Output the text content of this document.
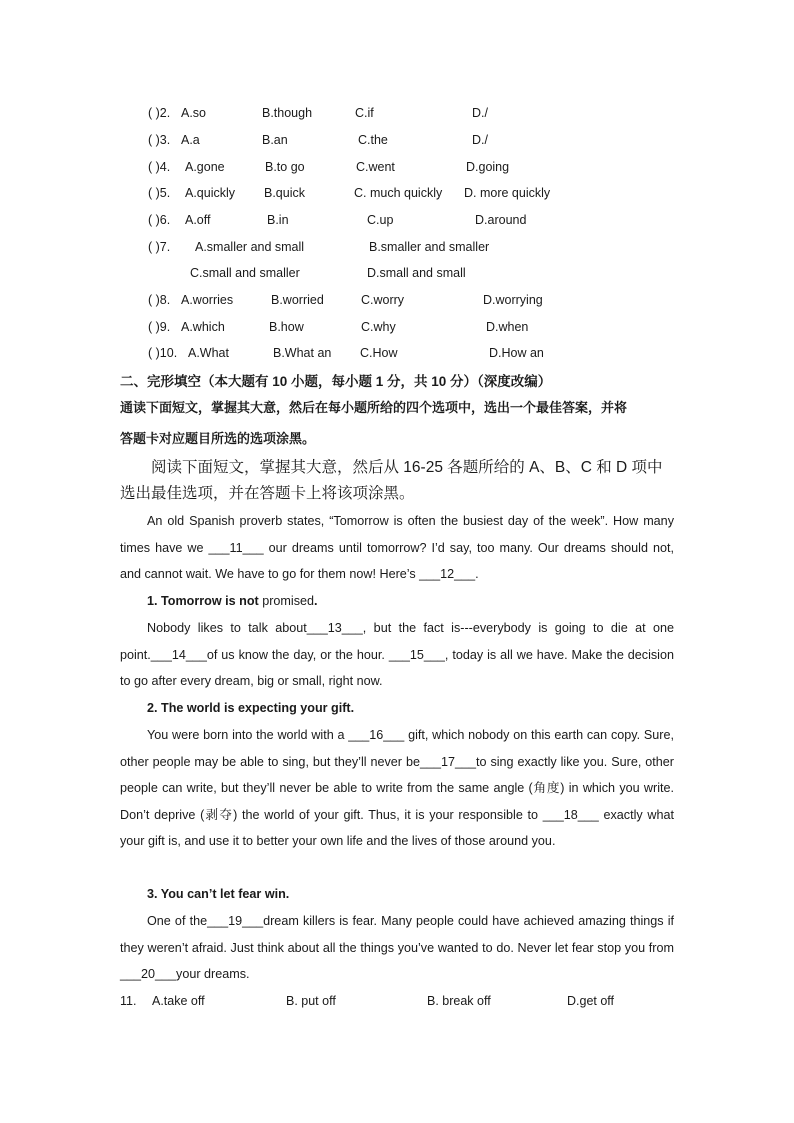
( )2. A.so	B.though	C.if	D./
( )3. A.a	B.an	C.the	D./
( )4. A.gone	B.to go	C.went	D.going
( )5. A.quickly B.quick	C. much quickly D. more quickly
( )6. A.off	B.in	C.up	D.around
( )7. A.smaller and small	B.smaller and smaller
C.small and smaller	D.small and small
( )8. A.worries	B.worried	C.worry	D.worrying
( )9. A.which	B.how	C.why	D.when
( )10. A.What	B.What an C.How	D.How an
二、完形填空（本大题有 10 小题，每小题 1 分，共 10 分）（深度改编）
通读下面短文，掌握其大意，然后在每小题所给的四个选项中，选出一个最佳答案，并将
答题卡对应题目所选的选项涂黑。
阅读下面短文，掌握其大意，然后从 16-25 各题所给的 A、B、C 和 D 项中选出最佳选项，并在答题卡上将该项涂黑。
An old Spanish proverb states, “Tomorrow is often the busiest day of the week”. How many times have we ___11___ our dreams until tomorrow? I’d say, too many. Our dreams should not, and cannot wait. We have to go for them now! Here’s ___12___.
1. Tomorrow is not promised.
Nobody likes to talk about___13___, but the fact is---everybody is going to die at one point.___14___of us know the day, or the hour. ___15___, today is all we have. Make the decision to go after every dream, big or small, right now.
2. The world is expecting your gift.
You were born into the world with a ___16___ gift, which nobody on this earth can copy. Sure, other people may be able to sing, but they’ll never be___17___to sing exactly like you. Sure, other people can write, but they’ll never be able to write from the same angle (角度) in which you write. Don’t deprive (剥夺) the world of your gift. Thus, it is your responsible to ___18___ exactly what your gift is, and use it to better your own life and the lives of those around you.
3. You can’t let fear win.
One of the___19___dream killers is fear. Many people could have achieved amazing things if they weren’t afraid. Just think about all the things you’ve wanted to do. Never let fear stop you from ___20___your dreams.
11. A.take off	B. put off	B. break off	D.get off
